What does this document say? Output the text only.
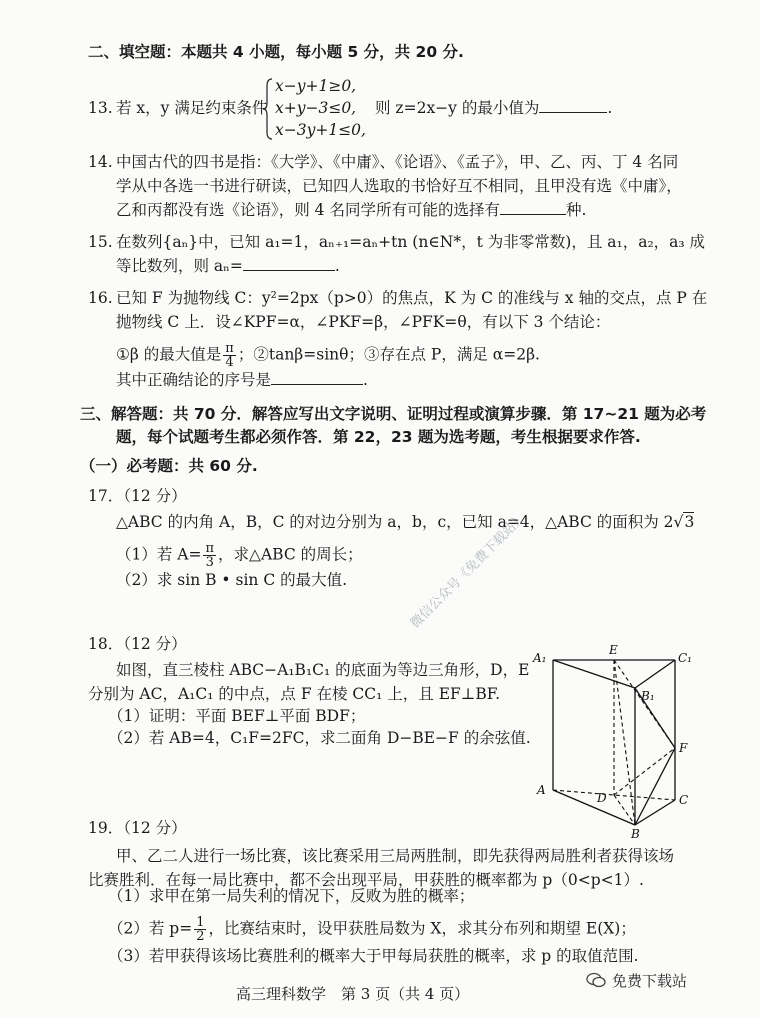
二、填空题：本题共 4 小题，每小题 5 分，共 20 分.
13. 若 x，y 满足约束条件
x−y+1≥0,
x+y−3≤0,
x−3y+1≤0,
则 z=2x−y 的最小值为	.
14. 中国古代的四书是指：《大学》、《中庸》、《论语》、《孟子》，甲、乙、丙、丁 4 名同
学从中各选一书进行研读，已知四人选取的书恰好互不相同，且甲没有选《中庸》，
乙和丙都没有选《论语》，则 4 名同学所有可能的选择有	种.
15. 在数列{aₙ}中，已知 a₁=1，aₙ₊₁=aₙ+tn (n∈N*，t 为非零常数)，且 a₁，a₂，a₃ 成
等比数列，则 aₙ=	.
16. 已知 F 为抛物线 C：y²=2px（p>0）的焦点，K 为 C 的准线与 x 轴的交点，点 P 在
抛物线 C 上．设∠KPF=α，∠PKF=β，∠PFK=θ，有以下 3 个结论：
①β 的最大值是 $\frac{\pi}{4}$ ；②tanβ=sinθ；③存在点 P，满足 α=2β.
其中正确结论的序号是	.
三、解答题：共 70 分．解答应写出文字说明、证明过程或演算步骤．第 17~21 题为必考
题，每个试题考生都必须作答．第 22，23 题为选考题，考生根据要求作答.
（一）必考题：共 60 分.
17．（12 分）
△ABC 的内角 A，B，C 的对边分别为 a，b，c，已知 a=4，△ABC 的面积为 2√3
（1）若 $A= \frac{\pi}{3}$ ，求△ABC 的周长；
（2）求 sin B • sin C 的最大值.	微信公众号《免费下载站》
18．（12 分）
如图，直三棱柱 ABC−A₁B₁C₁ 的底面为等边三角形，D，E
分别为 AC，A₁C₁ 的中点，点 F 在棱 CC₁ 上，且 EF⊥BF.
（1）证明：平面 BEF⊥平面 BDF；
（2）若 AB=4，C₁F=2FC，求二面角 D−BE−F 的余弦值.
A₁
E
C₁
B₁
F
A
D	C
B
19．（12 分）
甲、乙二人进行一场比赛，该比赛采用三局两胜制，即先获得两局胜利者获得该场
比赛胜利．在每一局比赛中，都不会出现平局，甲获胜的概率都为 p（0<p<1）.
（1）求甲在第一局失利的情况下，反败为胜的概率；
（2）若 $p= \frac{1}{2}$ ，比赛结束时，设甲获胜局数为 X，求其分布列和期望 E(X)；
（3）若甲获得该场比赛胜利的概率大于甲每局获胜的概率，求 p 的取值范围.
高三理科数学　第 3 页（共 4 页）
免费下载站
